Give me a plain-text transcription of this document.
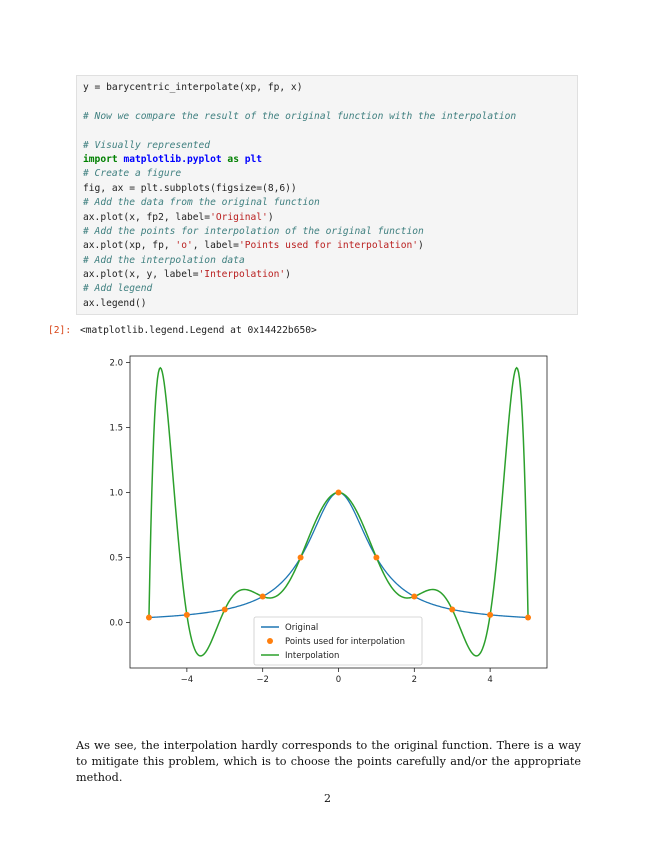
y = barycentric_interpolate(xp, fp, x)
# Now we compare the result of the original function with the interpolation
# Visually represented
import matplotlib.pyplot as plt
# Create a figure
fig, ax = plt.subplots(figsize=(8,6))
# Add the data from the original function
ax.plot(x, fp2, label='Original')
# Add the points for interpolation of the original function
ax.plot(xp, fp, 'o', label='Points used for interpolation')
# Add the interpolation data
ax.plot(x, y, label='Interpolation')
# Add legend
ax.legend()
[2]: <matplotlib.legend.Legend at 0x14422b650>
−4	−2	0	2	4
0.0
0.5
1.0
1.5
2.0
Original
Points used for interpolation
Interpolation
As we see, the interpolation hardly corresponds to the original function. There is a way to mitigate this problem, which is to choose the points carefully and/or the appropriate method.
2
